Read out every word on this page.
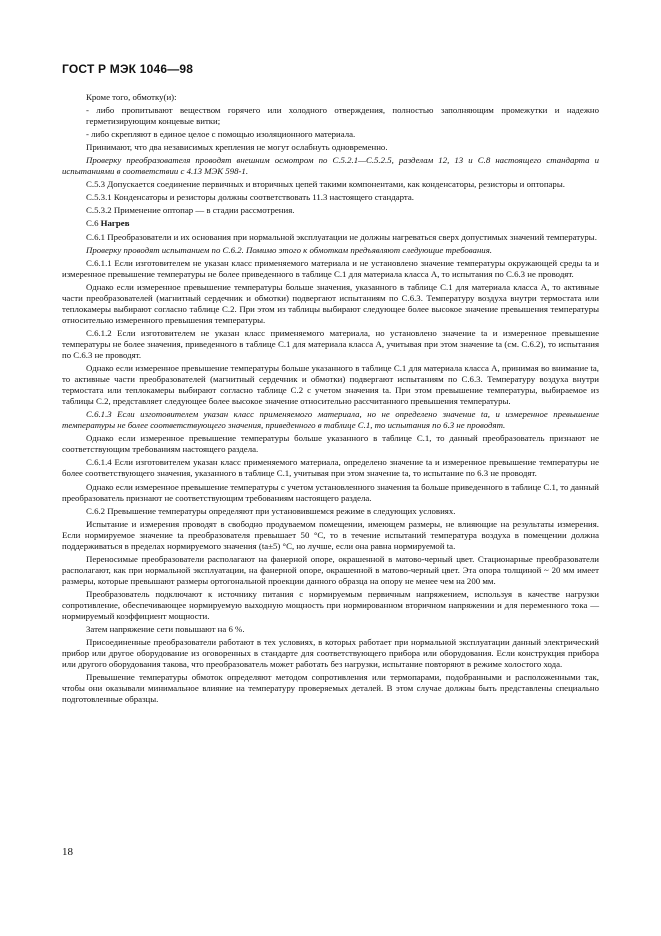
ГОСТ Р МЭК 1046—98

Кроме того, обмотку(и):

- либо пропитывают веществом горячего или холодного отверждения, полностью заполняющим промежутки и надежно герметизирующим концевые витки;

- либо скрепляют в единое целое с помощью изоляционного материала.

Принимают, что два независимых крепления не могут ослабнуть одновременно.

Проверку преобразователя проводят внешним осмотром по С.5.2.1—С.5.2.5, разделам 12, 13 и С.8 настоящего стандарта и испытаниями в соответствии с 4.13 МЭК 598-1.

С.5.3 Допускается соединение первичных и вторичных цепей такими компонентами, как конденсаторы, резисторы и оптопары.

С.5.3.1 Конденсаторы и резисторы должны соответствовать 11.3 настоящего стандарта.

С.5.3.2 Применение оптопар — в стадии рассмотрения.

С.6 Нагрев

С.6.1 Преобразователи и их основания при нормальной эксплуатации не должны нагреваться сверх допустимых значений температуры.

Проверку проводят испытанием по С.6.2. Помимо этого к обмоткам предъявляют следующие требования.

С.6.1.1 Если изготовителем не указан класс применяемого материала и не установлено значение температуры окружающей среды tа и измеренное превышение температуры не более приведенного в таблице С.1 для материала класса А, то испытания по С.6.3 не проводят.

Однако если измеренное превышение температуры больше значения, указанного в таблице С.1 для материала класса А, то активные части преобразователей (магнитный сердечник и обмотки) подвергают испытаниям по С.6.3. Температуру воздуха внутри термостата или теплокамеры выбирают согласно таблице С.2. При этом из таблицы выбирают следующее более высокое значение превышения температуры относительно измеренного превышения температуры.

С.6.1.2 Если изготовителем не указан класс применяемого материала, но установлено значение tа и измеренное превышение температуры не более значения, приведенного в таблице С.1 для материала класса А, учитывая при этом значение tа (см. С.6.2), то испытания по С.6.3 не проводят.

Однако если измеренное превышение температуры больше указанного в таблице С.1 для материала класса А, принимая во внимание tа, то активные части преобразователей (магнитный сердечник и обмотки) подвергают испытаниям по С.6.3. Температуру воздуха внутри термостата или теплокамеры выбирают согласно таблице С.2 с учетом значения tа. При этом превышение температуры, выбираемое из таблицы С.2, представляет следующее более высокое значение относительно рассчитанного превышения температуры.

С.6.1.3 Если изготовителем указан класс применяемого материала, но не определено значение tа, и измеренное превышение температуры не более соответствующего значения, приведенного в таблице С.1, то испытания по 6.3 не проводят.

Однако если измеренное превышение температуры больше указанного в таблице С.1, то данный преобразователь признают не соответствующим требованиям настоящего раздела.

С.6.1.4 Если изготовителем указан класс применяемого материала, определено значение tа и измеренное превышение температуры не более соответствующего значения, указанного в таблице С.1, учитывая при этом значение tа, то испытание по 6.3 не проводят.

Однако если измеренное превышение температуры с учетом установленного значения tа больше приведенного в таблице С.1, то данный преобразователь признают не соответствующим требованиям настоящего раздела.

С.6.2 Превышение температуры определяют при установившемся режиме в следующих условиях.

Испытание и измерения проводят в свободно продуваемом помещении, имеющем размеры, не влияющие на результаты измерения. Если нормируемое значение tа преобразователя превышает 50 °С, то в течение испытаний температура воздуха в помещении должна поддерживаться в пределах нормируемого значения (tа±5) °С, но лучше, если она равна нормируемой tа.

Переносимые преобразователи располагают на фанерной опоре, окрашенной в матово-черный цвет. Стационарные преобразователи располагают, как при нормальной эксплуатации, на фанерной опоре, окрашенной в матово-черный цвет. Эта опора толщиной ~ 20 мм имеет размеры, которые превышают размеры ортогональной проекции данного образца на опору не менее чем на 200 мм.

Преобразователь подключают к источнику питания с нормируемым первичным напряжением, используя в качестве нагрузки сопротивление, обеспечивающее нормируемую выходную мощность при нормированном вторичном напряжении и для переменного тока — нормируемый коэффициент мощности.

Затем напряжение сети повышают на 6 %.

Присоединенные преобразователи работают в тех условиях, в которых работает при нормальной эксплуатации данный электрический прибор или другое оборудование из оговоренных в стандарте для соответствующего прибора или оборудования. Если конструкция прибора или другого оборудования такова, что преобразователь может работать без нагрузки, испытание повторяют в режиме холостого хода.

Превышение температуры обмоток определяют методом сопротивления или термопарами, подобранными и расположенными так, чтобы они оказывали минимальное влияние на температуру проверяемых деталей. В этом случае должны быть представлены специально подготовленные образцы.

18
